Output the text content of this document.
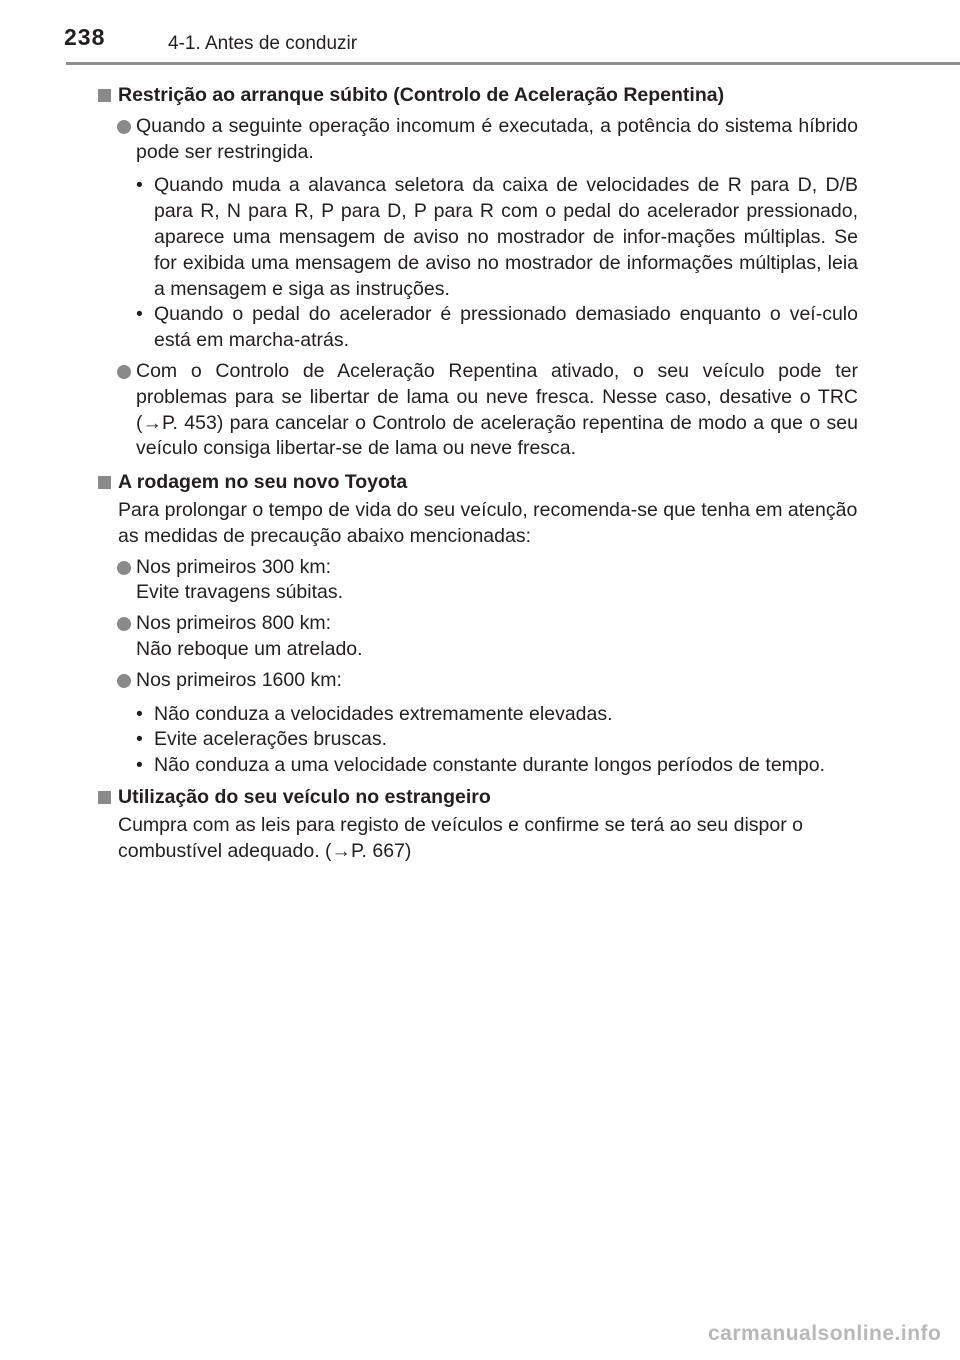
238	4-1. Antes de conduzir
Restrição ao arranque súbito (Controlo de Aceleração Repentina)
Quando a seguinte operação incomum é executada, a potência do sistema híbrido pode ser restringida.
• Quando muda a alavanca seletora da caixa de velocidades de R para D, D/B para R, N para R, P para D, P para R com o pedal do acelerador pressionado, aparece uma mensagem de aviso no mostrador de infor-mações múltiplas. Se for exibida uma mensagem de aviso no mostrador de informações múltiplas, leia a mensagem e siga as instruções.
• Quando o pedal do acelerador é pressionado demasiado enquanto o veí-culo está em marcha-atrás.
Com o Controlo de Aceleração Repentina ativado, o seu veículo pode ter problemas para se libertar de lama ou neve fresca. Nesse caso, desative o TRC (→P. 453) para cancelar o Controlo de aceleração repentina de modo a que o seu veículo consiga libertar-se de lama ou neve fresca.
A rodagem no seu novo Toyota
Para prolongar o tempo de vida do seu veículo, recomenda-se que tenha em atenção as medidas de precaução abaixo mencionadas:
Nos primeiros 300 km:
Evite travagens súbitas.
Nos primeiros 800 km:
Não reboque um atrelado.
Nos primeiros 1600 km:
• Não conduza a velocidades extremamente elevadas.
• Evite acelerações bruscas.
• Não conduza a uma velocidade constante durante longos períodos de tempo.
Utilização do seu veículo no estrangeiro
Cumpra com as leis para registo de veículos e confirme se terá ao seu dispor o combustível adequado. (→P. 667)
carmanualsonline.info
